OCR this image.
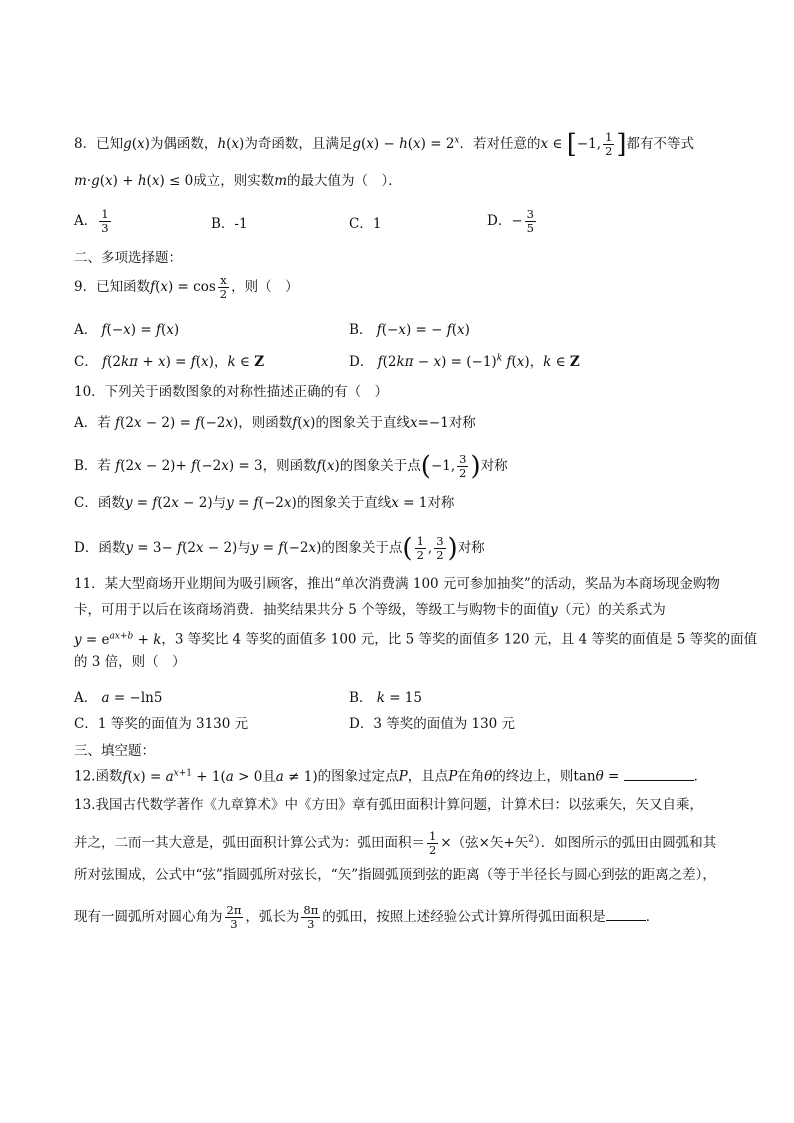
8．已知g(x)为偶函数，h(x)为奇函数，且满足$g(x) - h(x) = 2^x$．若对任意的x ∈ [−1, $\frac{1}{2}$ ]都有不等式
m·g(x) + h(x) ≤ 0成立，则实数m的最大值为（　）．
A． $\frac{1}{3}$	B．-1	C．1	D．− $\frac{3}{5}$
二、多项选择题：
9．已知函数$f(x) = \cos \frac{x}{2}$ ，则（　）
A． f(−x) = f(x)	B． f(−x) = − f(x)
C． f(2kπ + x) = f(x)，k ∈ Z	D． $f(2k\pi - x) = (-1)^k$ f(x)，k ∈ Z
10．下列关于函数图象的对称性描述正确的有（　）
A．若 f(2x − 2) = f(−2x)，则函数f(x)的图象关于直线x=−1对称
B．若 f(2x − 2)+ f(−2x) = 3，则函数f(x)的图象关于点(−1, $\frac{3}{2}$ )对称
C．函数y = f(2x − 2)与y = f(−2x)的图象关于直线x = 1对称
D．函数y = 3− f(2x − 2)与y = f(−2x)的图象关于点( $\frac{1}{2}$ , $\frac{3}{2}$ )对称
11．某大型商场开业期间为吸引顾客，推出“单次消费满 100 元可参加抽奖”的活动，奖品为本商场现金购物
卡，可用于以后在该商场消费．抽奖结果共分 5 个等级，等级工与购物卡的面值y（元）的关系式为
$y = e^{ax+b} + k$，3 等奖比 4 等奖的面值多 100 元，比 5 等奖的面值多 120 元，且 4 等奖的面值是 5 等奖的面值
的 3 倍，则（　）
A． a = −ln5	B． k = 15
C．1 等奖的面值为 3130 元	D．3 等奖的面值为 130 元
三、填空题：
12.函数$f(x) = a^{x+1} + 1(a > 0$且a ≠ 1)的图象过定点P，且点P在角θ的终边上，则tanθ =	．
13.我国古代数学著作《九章算术》中《方田》章有弧田面积计算问题，计算术曰：以弦乘矢，矢又自乘，
并之，二而一其大意是，弧田面积计算公式为：弧田面积＝ $\frac{1}{2}$ ×（弦×矢+矢$^2$）．如图所示的弧田由圆弧和其
所对弦围成，公式中“弦”指圆弧所对弦长，“矢”指圆弧顶到弦的距离（等于半径长与圆心到弦的距离之差），
现有一圆弧所对圆心角为 $\frac{2\pi}{3}$ ，弧长为 $\frac{8\pi}{3}$ 的弧田，按照上述经验公式计算所得弧田面积是	．
